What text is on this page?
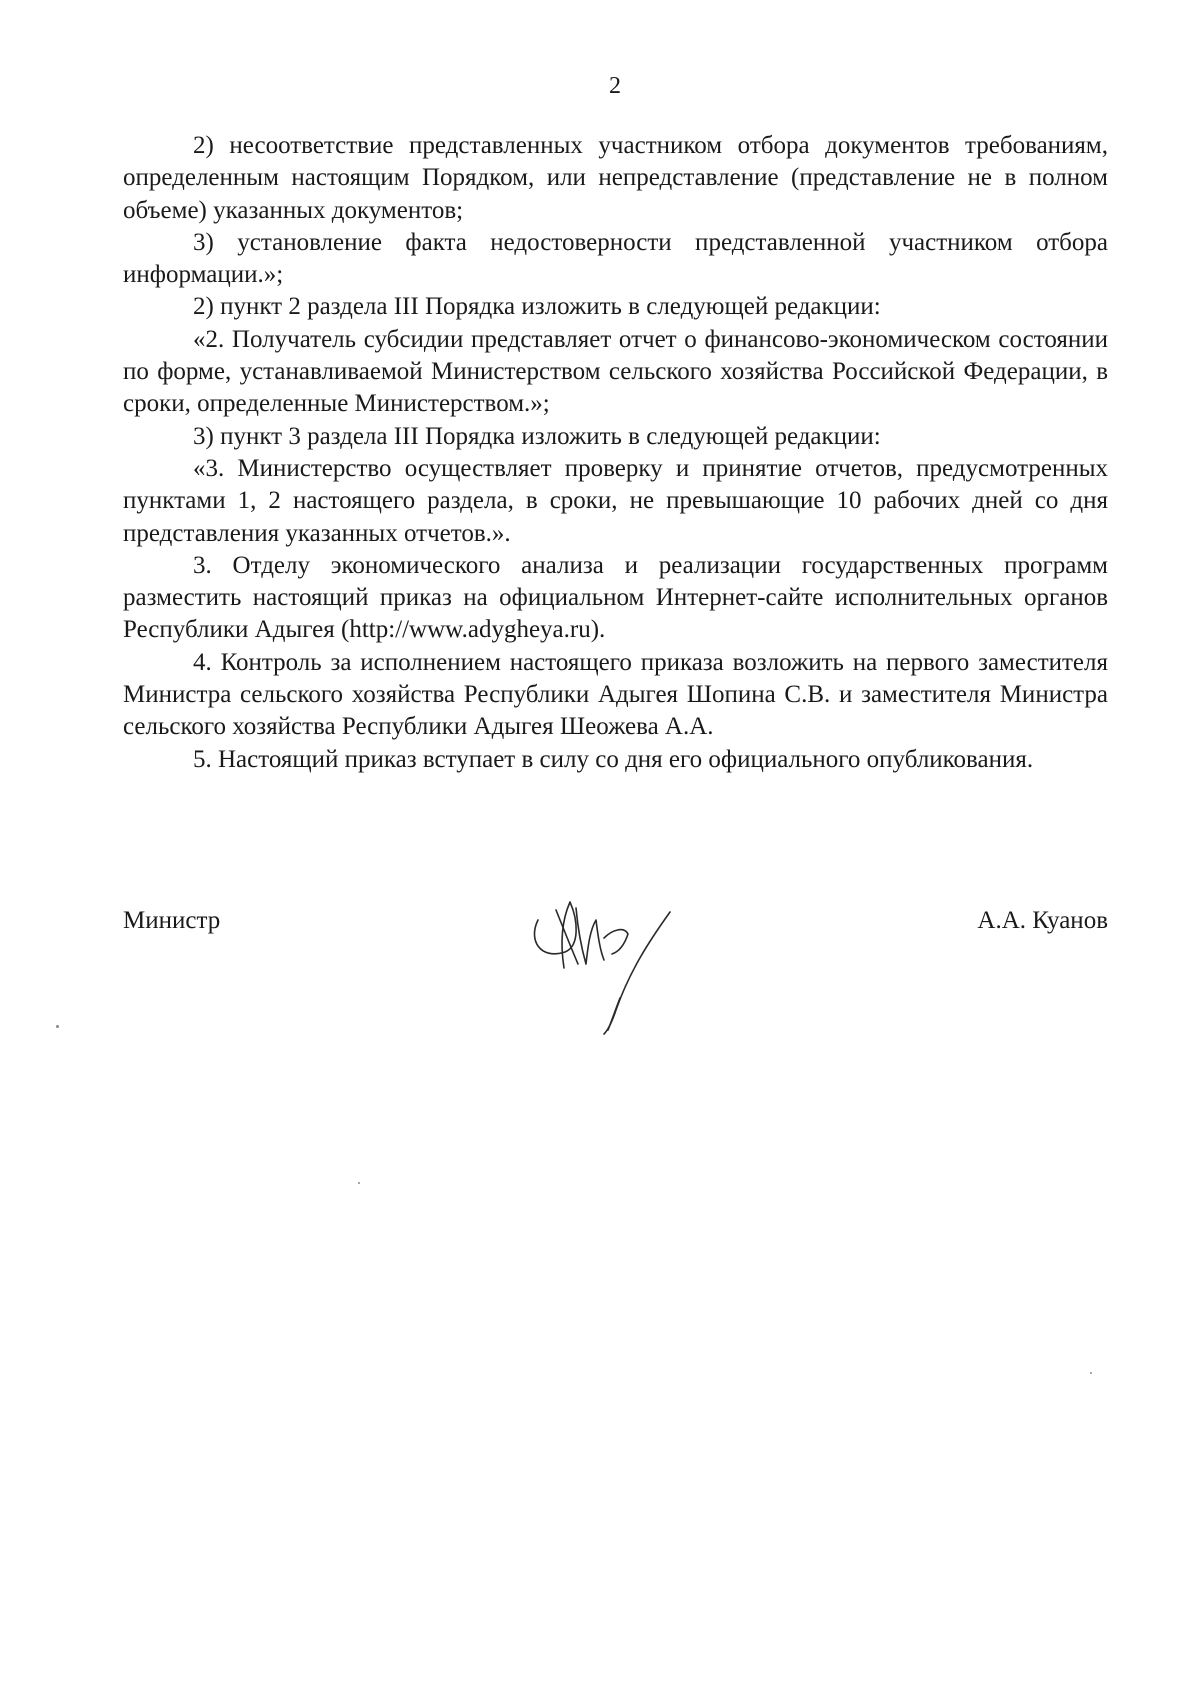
2

2) несоответствие представленных участником отбора документов требованиям, определенным настоящим Порядком, или непредставление (представление не в полном объеме) указанных документов;

3) установление факта недостоверности представленной участником отбора информации.»;

2) пункт 2 раздела III Порядка изложить в следующей редакции:

«2. Получатель субсидии представляет отчет о финансово-экономическом состоянии по форме, устанавливаемой Министерством сельского хозяйства Российской Федерации, в сроки, определенные Министерством.»;

3) пункт 3 раздела III Порядка изложить в следующей редакции:

«3. Министерство осуществляет проверку и принятие отчетов, предусмотренных пунктами 1, 2 настоящего раздела, в сроки, не превышающие 10 рабочих дней со дня представления указанных отчетов.».

3. Отделу экономического анализа и реализации государственных программ разместить настоящий приказ на официальном Интернет-сайте исполнительных органов Республики Адыгея (http://www.adygheya.ru).

4. Контроль за исполнением настоящего приказа возложить на первого заместителя Министра сельского хозяйства Республики Адыгея Шопина С.В. и заместителя Министра сельского хозяйства Республики Адыгея Шеожева А.А.

5. Настоящий приказ вступает в силу со дня его официального опубликования.

Министр	А.А. Куанов
